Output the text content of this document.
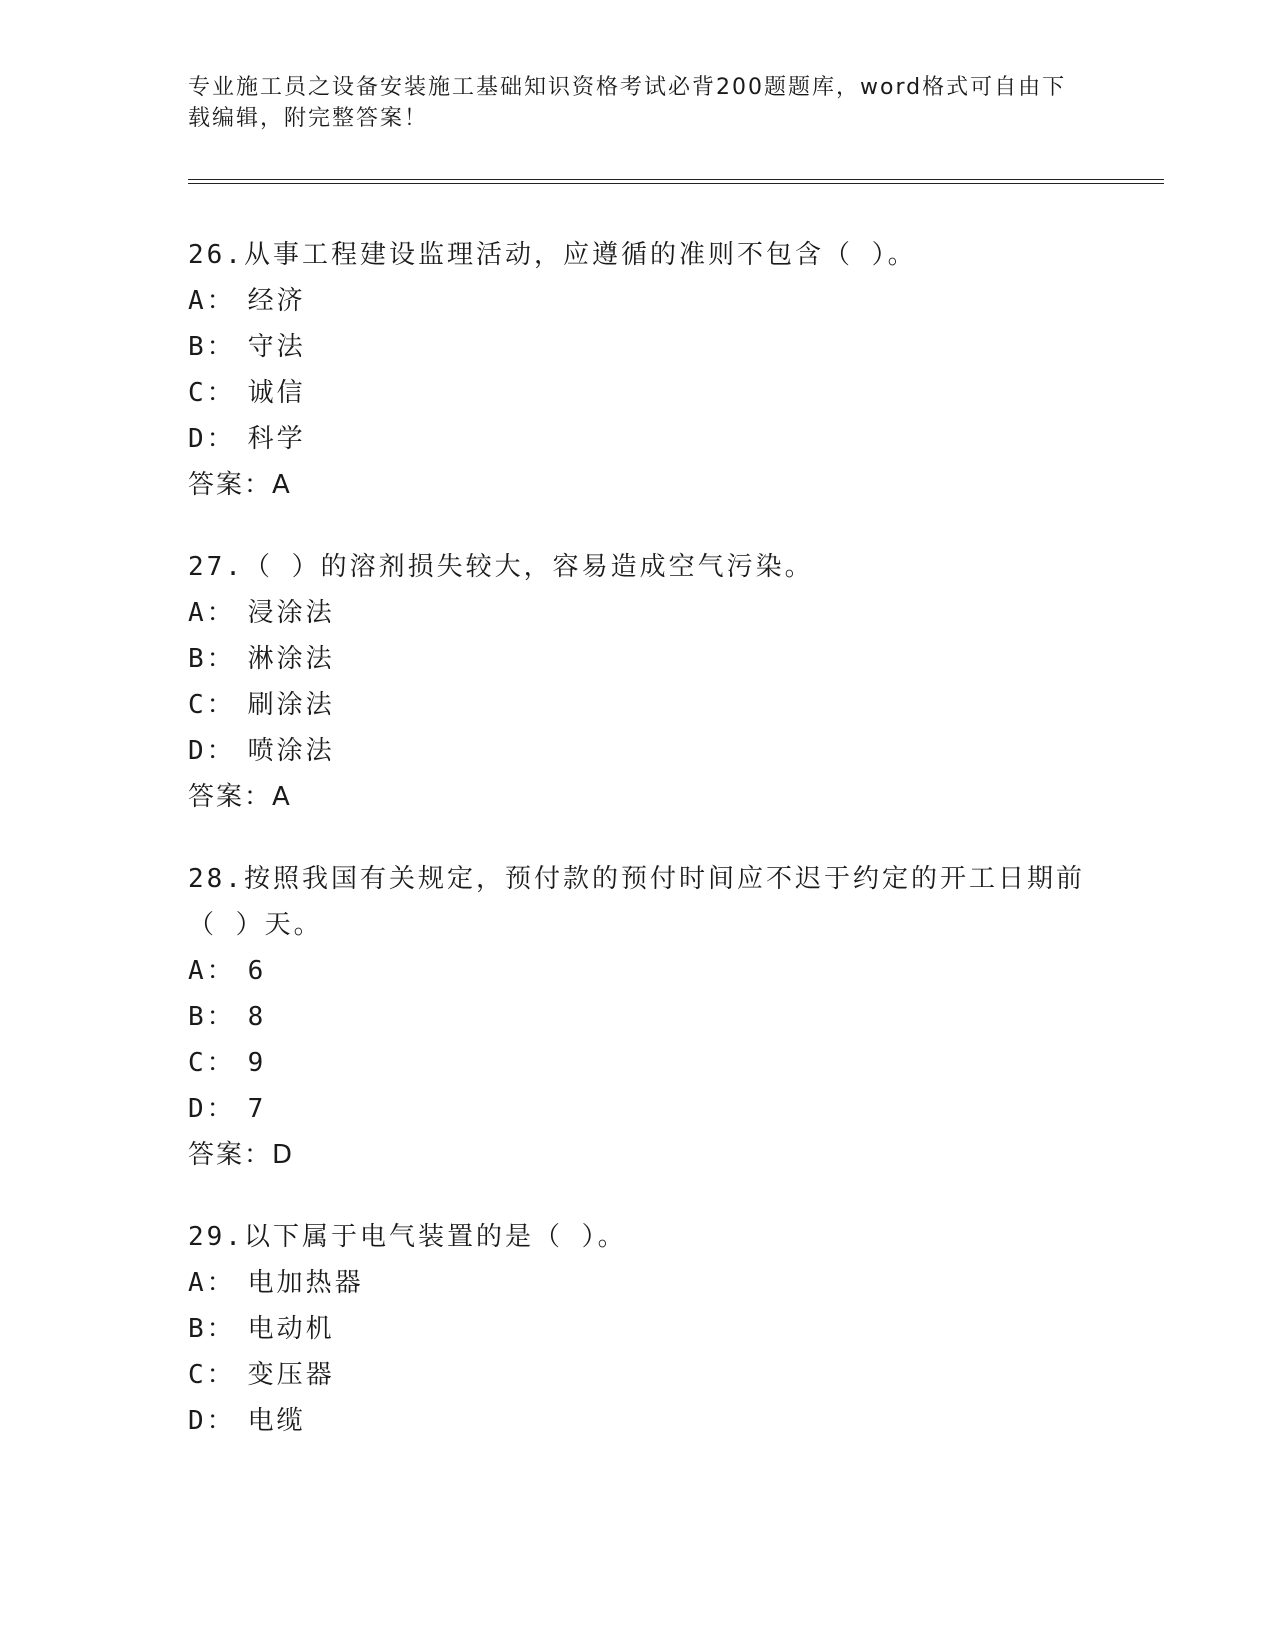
专业施工员之设备安装施工基础知识资格考试必背200题题库，word格式可自由下载编辑，附完整答案！
26.从事工程建设监理活动，应遵循的准则不包含（ ）。
A： 经济
B： 守法
C： 诚信
D： 科学
答案：A
27.（ ）的溶剂损失较大，容易造成空气污染。
A： 浸涂法
B： 淋涂法
C： 刷涂法
D： 喷涂法
答案：A
28.按照我国有关规定，预付款的预付时间应不迟于约定的开工日期前（ ）天。
A： 6
B： 8
C： 9
D： 7
答案：D
29.以下属于电气装置的是（ ）。
A： 电加热器
B： 电动机
C： 变压器
D： 电缆
